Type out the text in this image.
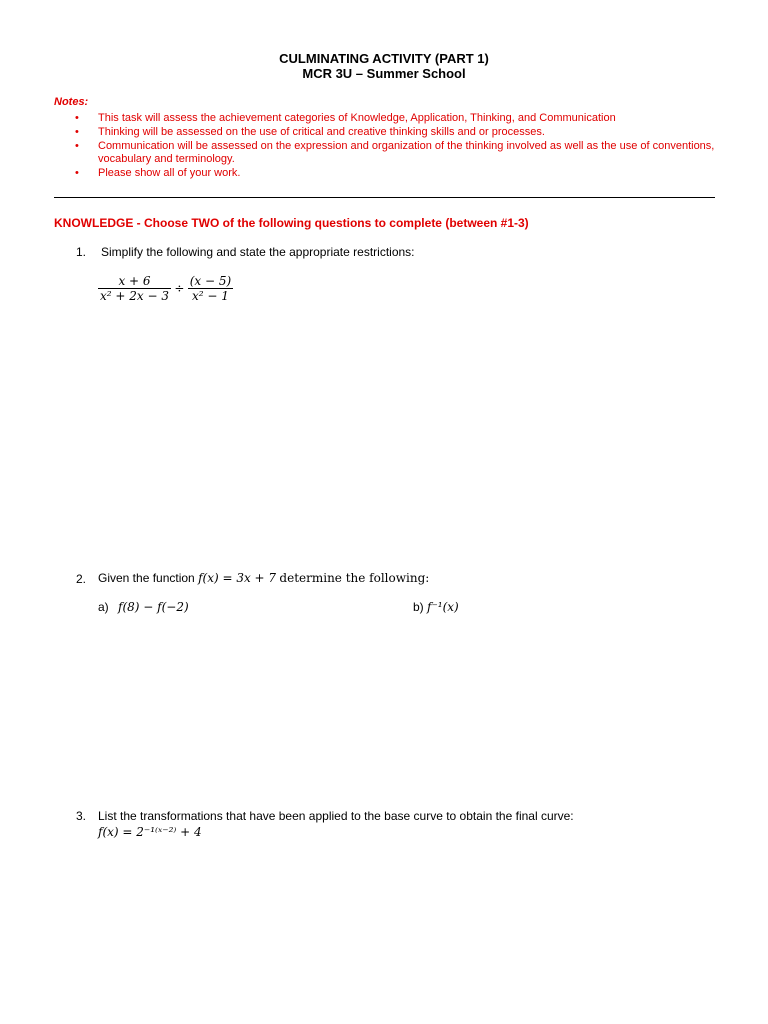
CULMINATING ACTIVITY (PART 1)
MCR 3U – Summer School
Notes:
•	This task will assess the achievement categories of Knowledge, Application, Thinking, and Communication
•	Thinking will be assessed on the use of critical and creative thinking skills and or processes.
•	Communication will be assessed on the expression and organization of the thinking involved as well as the use of conventions, vocabulary and terminology.
•	Please show all of your work.
KNOWLEDGE - Choose TWO of the following questions to complete (between #1-3)
1. Simplify the following and state the appropriate restrictions:
$\frac{x + 6}{\text{x² + 2x − 3}} \div \frac{(x - 5)}{\text{x² − 1}}$
2. Given the function f(x) = 3x + 7 determine the following:
a) f(8) − f(−2)	b) f⁻¹(x)
3. List the transformations that have been applied to the base curve to obtain the final curve:
f(x) = 2⁻¹⁽ˣ⁻²⁾ + 4
